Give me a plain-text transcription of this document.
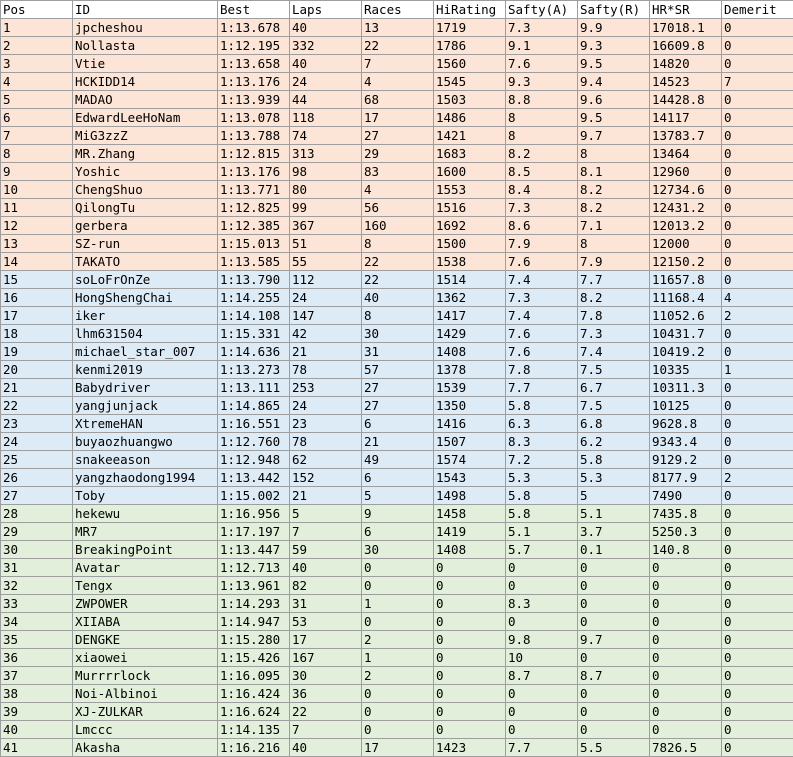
Pos	ID	Best	Laps	Races	HiRating	Safty(A)	Safty(R)	HR*SR	Demerit
1	jpcheshou	1:13.678	40	13	1719	7.3	9.9	17018.1	0
2	Nollasta	1:12.195	332	22	1786	9.1	9.3	16609.8	0
3	Vtie	1:13.658	40	7	1560	7.6	9.5	14820	0
4	HCKIDD14	1:13.176	24	4	1545	9.3	9.4	14523	7
5	MADAO	1:13.939	44	68	1503	8.8	9.6	14428.8	0
6	EdwardLeeHoNam	1:13.078	118	17	1486	8	9.5	14117	0
7	MiG3zzZ	1:13.788	74	27	1421	8	9.7	13783.7	0
8	MR.Zhang	1:12.815	313	29	1683	8.2	8	13464	0
9	Yoshic	1:13.176	98	83	1600	8.5	8.1	12960	0
10	ChengShuo	1:13.771	80	4	1553	8.4	8.2	12734.6	0
11	QilongTu	1:12.825	99	56	1516	7.3	8.2	12431.2	0
12	gerbera	1:12.385	367	160	1692	8.6	7.1	12013.2	0
13	SZ-run	1:15.013	51	8	1500	7.9	8	12000	0
14	TAKATO	1:13.585	55	22	1538	7.6	7.9	12150.2	0
15	soLoFrOnZe	1:13.790	112	22	1514	7.4	7.7	11657.8	0
16	HongShengChai	1:14.255	24	40	1362	7.3	8.2	11168.4	4
17	iker	1:14.108	147	8	1417	7.4	7.8	11052.6	2
18	lhm631504	1:15.331	42	30	1429	7.6	7.3	10431.7	0
19	michael_star_007	1:14.636	21	31	1408	7.6	7.4	10419.2	0
20	kenmi2019	1:13.273	78	57	1378	7.8	7.5	10335	1
21	Babydriver	1:13.111	253	27	1539	7.7	6.7	10311.3	0
22	yangjunjack	1:14.865	24	27	1350	5.8	7.5	10125	0
23	XtremeHAN	1:16.551	23	6	1416	6.3	6.8	9628.8	0
24	buyaozhuangwo	1:12.760	78	21	1507	8.3	6.2	9343.4	0
25	snakeeason	1:12.948	62	49	1574	7.2	5.8	9129.2	0
26	yangzhaodong1994	1:13.442	152	6	1543	5.3	5.3	8177.9	2
27	Toby	1:15.002	21	5	1498	5.8	5	7490	0
28	hekewu	1:16.956	5	9	1458	5.8	5.1	7435.8	0
29	MR7	1:17.197	7	6	1419	5.1	3.7	5250.3	0
30	BreakingPoint	1:13.447	59	30	1408	5.7	0.1	140.8	0
31	Avatar	1:12.713	40	0	0	0	0	0	0
32	Tengx	1:13.961	82	0	0	0	0	0	0
33	ZWPOWER	1:14.293	31	1	0	8.3	0	0	0
34	XIIABA	1:14.947	53	0	0	0	0	0	0
35	DENGKE	1:15.280	17	2	0	9.8	9.7	0	0
36	xiaowei	1:15.426	167	1	0	10	0	0	0
37	Murrrrlock	1:16.095	30	2	0	8.7	8.7	0	0
38	Noi-Albinoi	1:16.424	36	0	0	0	0	0	0
39	XJ-ZULKAR	1:16.624	22	0	0	0	0	0	0
40	Lmccc	1:14.135	7	0	0	0	0	0	0
41	Akasha	1:16.216	40	17	1423	7.7	5.5	7826.5	0
